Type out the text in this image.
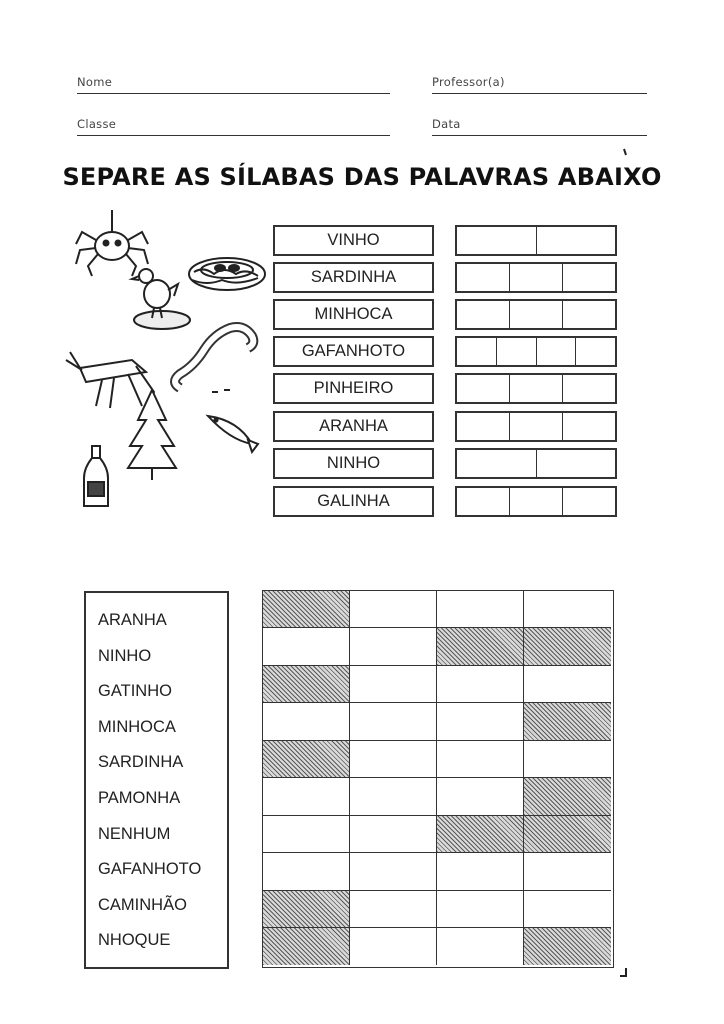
Nome	Professor(a)
Classe	Data
SEPARE AS SÍLABAS DAS PALAVRAS ABAIXO
VINHO
SARDINHA
MINHOCA
GAFANHOTO
PINHEIRO
ARANHA
NINHO
GALINHA
ARANHA
NINHO
GATINHO
MINHOCA
SARDINHA
PAMONHA
NENHUM
GAFANHOTO
CAMINHÃO
NHOQUE
